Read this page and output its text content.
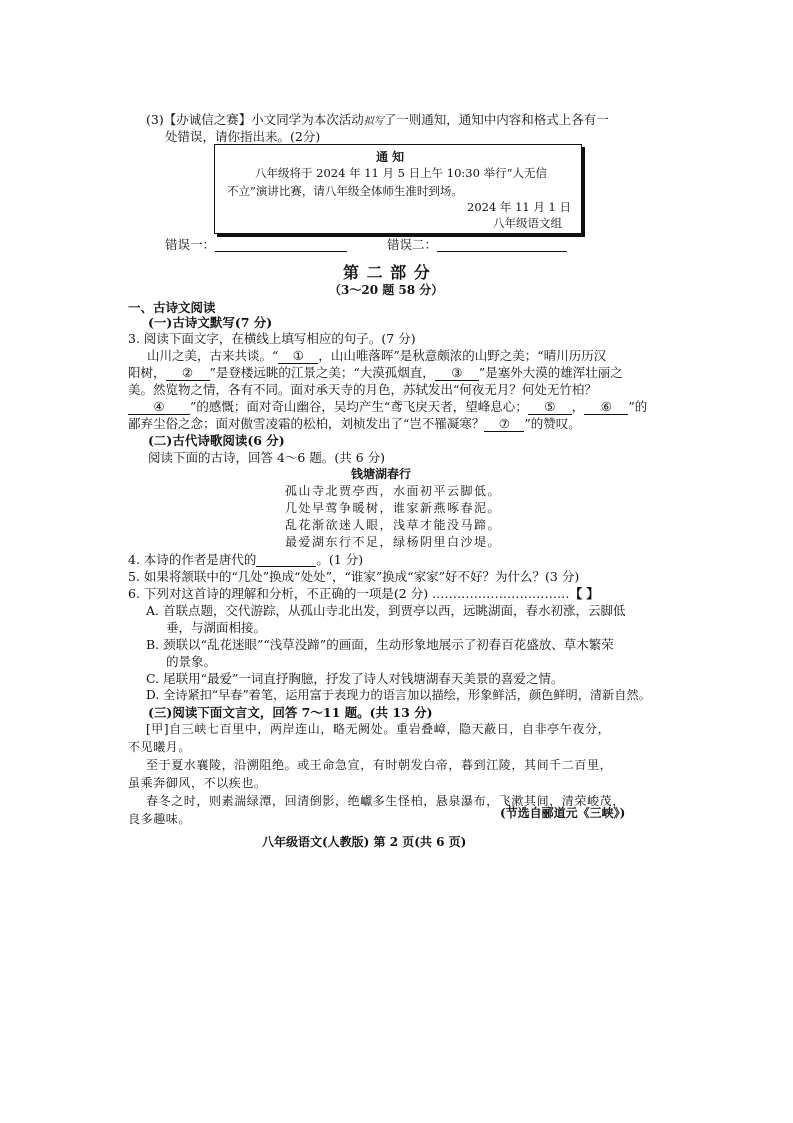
(3)【办诚信之赛】小文同学为本次活动拟写了一则通知，通知中内容和格式上各有一
处错误，请你指出来。(2分)
通 知
八年级将于 2024 年 11 月 5 日上午 10:30 举行“人无信
不立”演讲比赛，请八年级全体师生准时到场。
2024 年 11 月 1 日
八年级语文组
错误一：	错误二：
第 二 部 分
（3～20 题 58 分）
一、古诗文阅读
(一)古诗文默写(7 分)
3. 阅读下面文字，在横线上填写相应的句子。(7 分)
山川之美，古来共谈。“ ① ，山山唯落晖”是秋意颇浓的山野之美；“晴川历历汉
阳树， ② ”是登楼远眺的江景之美；“大漠孤烟直， ③ ”是塞外大漠的雄浑壮丽之
美。然览物之情，各有不同。面对承天寺的月色，苏轼发出“何夜无月？何处无竹柏？
④ ”的感慨；面对奇山幽谷，吴均产生“鸢飞戾天者，望峰息心； ⑤ ， ⑥ ”的
鄙弃尘俗之念；面对傲雪凌霜的松柏，刘桢发出了“岂不罹凝寒？ ⑦ ”的赞叹。
(二)古代诗歌阅读(6 分)
阅读下面的古诗，回答 4～6 题。(共 6 分)
钱塘湖春行
孤山寺北贾亭西，水面初平云脚低。
几处早莺争暖树，谁家新燕啄春泥。
乱花渐欲迷人眼，浅草才能没马蹄。
最爱湖东行不足，绿杨阴里白沙堤。
4. 本诗的作者是唐代的	。(1 分)
5. 如果将颔联中的“几处”换成“处处”，“谁家”换成“家家”好不好？为什么？(3 分)
6. 下列对这首诗的理解和分析，不正确的一项是(2 分) ……………………………【 】
A. 首联点题，交代游踪，从孤山寺北出发，到贾亭以西，远眺湖面，春水初涨，云脚低
垂，与湖面相接。
B. 颈联以“乱花迷眼”“浅草没蹄”的画面，生动形象地展示了初春百花盛放、草木繁荣
的景象。
C. 尾联用“最爱”一词直抒胸臆，抒发了诗人对钱塘湖春天美景的喜爱之情。
D. 全诗紧扣“早春”着笔，运用富于表现力的语言加以描绘，形象鲜活，颜色鲜明，清新自然。
(三)阅读下面文言文，回答 7～11 题。(共 13 分)
[甲]自三峡七百里中，两岸连山，略无阙处。重岩叠嶂，隐天蔽日，自非亭午夜分，
不见曦月。
至于夏水襄陵，沿溯阻绝。或王命急宣，有时朝发白帝，暮到江陵，其间千二百里，
虽乘奔御风，不以疾也。
春冬之时，则素湍绿潭，回清倒影，绝巘多生怪柏，悬泉瀑布，飞漱其间，清荣峻茂，
良多趣味。	(节选自郦道元《三峡》)
八年级语文(人教版) 第 2 页(共 6 页)
